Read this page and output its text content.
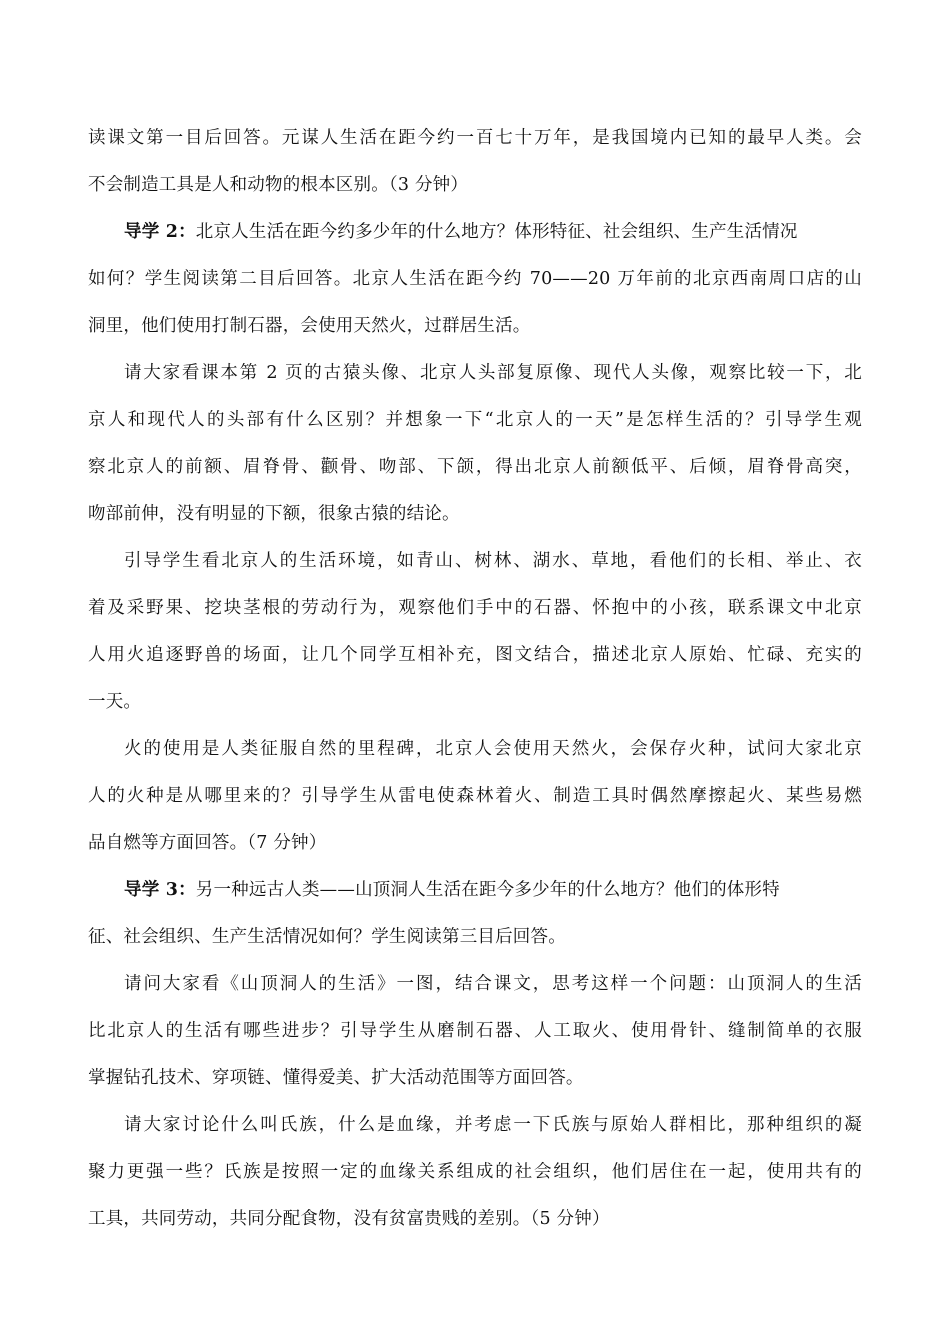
读课文第一目后回答。元谋人生活在距今约一百七十万年，是我国境内已知的最早人类。会
不会制造工具是人和动物的根本区别。（3 分钟）
导学 2：北京人生活在距今约多少年的什么地方？体形特征、社会组织、生产生活情况
如何？学生阅读第二目后回答。北京人生活在距今约 70——20 万年前的北京西南周口店的山
洞里，他们使用打制石器，会使用天然火，过群居生活。
请大家看课本第 2 页的古猿头像、北京人头部复原像、现代人头像，观察比较一下，北
京人和现代人的头部有什么区别？并想象一下“北京人的一天”是怎样生活的？引导学生观
察北京人的前额、眉脊骨、颧骨、吻部、下颌，得出北京人前额低平、后倾，眉脊骨高突，
吻部前伸，没有明显的下额，很象古猿的结论。
引导学生看北京人的生活环境，如青山、树林、湖水、草地，看他们的长相、举止、衣
着及采野果、挖块茎根的劳动行为，观察他们手中的石器、怀抱中的小孩，联系课文中北京
人用火追逐野兽的场面，让几个同学互相补充，图文结合，描述北京人原始、忙碌、充实的
一天。
火的使用是人类征服自然的里程碑，北京人会使用天然火，会保存火种，试问大家北京
人的火种是从哪里来的？引导学生从雷电使森林着火、制造工具时偶然摩擦起火、某些易燃
品自燃等方面回答。（7 分钟）
导学 3：另一种远古人类——山顶洞人生活在距今多少年的什么地方？他们的体形特
征、社会组织、生产生活情况如何？学生阅读第三目后回答。
请问大家看《山顶洞人的生活》一图，结合课文，思考这样一个问题：山顶洞人的生活
比北京人的生活有哪些进步？引导学生从磨制石器、人工取火、使用骨针、缝制简单的衣服
掌握钻孔技术、穿项链、懂得爱美、扩大活动范围等方面回答。
请大家讨论什么叫氏族，什么是血缘，并考虑一下氏族与原始人群相比，那种组织的凝
聚力更强一些？氏族是按照一定的血缘关系组成的社会组织，他们居住在一起，使用共有的
工具，共同劳动，共同分配食物，没有贫富贵贱的差别。（5 分钟）
